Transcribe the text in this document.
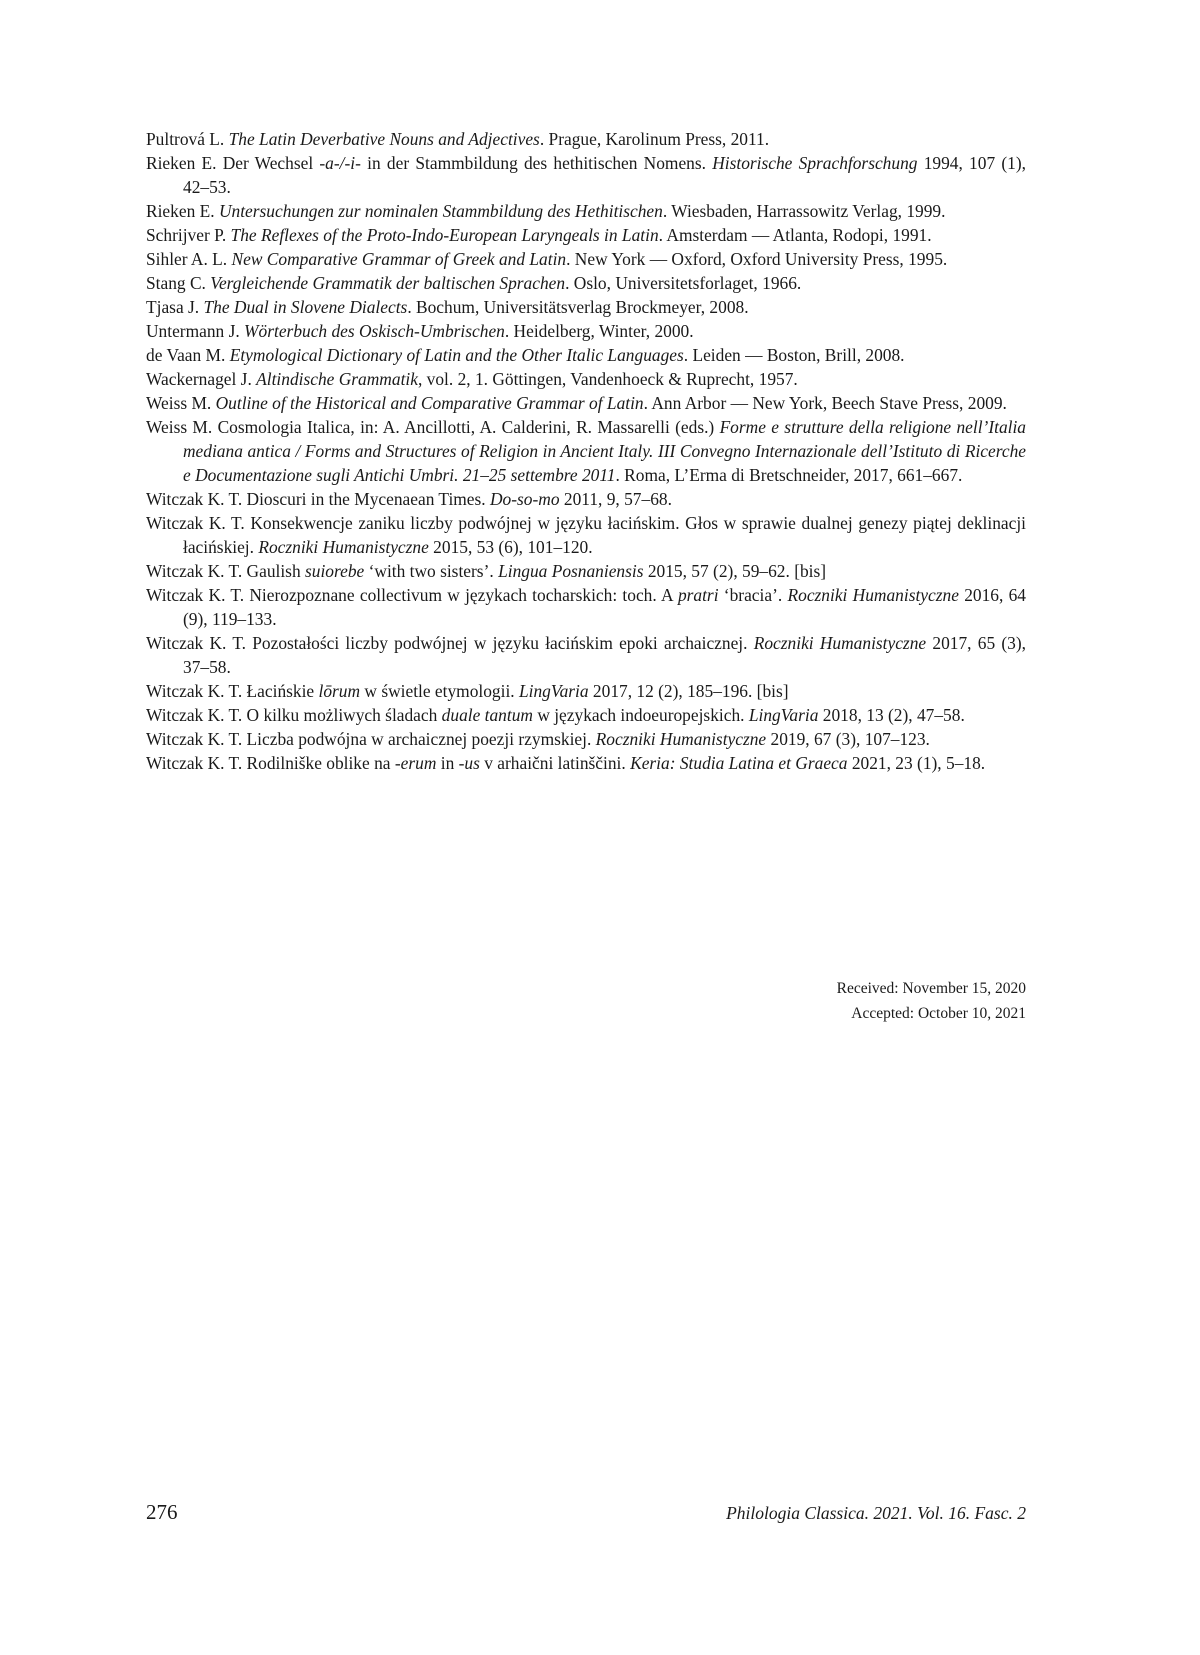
Pultrová L. The Latin Deverbative Nouns and Adjectives. Prague, Karolinum Press, 2011.

Rieken E. Der Wechsel -a-/-i- in der Stammbildung des hethitischen Nomens. Historische Sprachforschung 1994, 107 (1), 42–53.

Rieken E. Untersuchungen zur nominalen Stammbildung des Hethitischen. Wiesbaden, Harrassowitz Verlag, 1999.

Schrijver P. The Reflexes of the Proto-Indo-European Laryngeals in Latin. Amsterdam — Atlanta, Rodopi, 1991.

Sihler A. L. New Comparative Grammar of Greek and Latin. New York — Oxford, Oxford University Press, 1995.

Stang C. Vergleichende Grammatik der baltischen Sprachen. Oslo, Universitetsforlaget, 1966.

Tjasa J. The Dual in Slovene Dialects. Bochum, Universitätsverlag Brockmeyer, 2008.

Untermann J. Wörterbuch des Oskisch-Umbrischen. Heidelberg, Winter, 2000.

de Vaan M. Etymological Dictionary of Latin and the Other Italic Languages. Leiden — Boston, Brill, 2008.

Wackernagel J. Altindische Grammatik, vol. 2, 1. Göttingen, Vandenhoeck & Ruprecht, 1957.

Weiss M. Outline of the Historical and Comparative Grammar of Latin. Ann Arbor — New York, Beech Stave Press, 2009.

Weiss M. Cosmologia Italica, in: A. Ancillotti, A. Calderini, R. Massarelli (eds.) Forme e strutture della religione nell’Italia mediana antica / Forms and Structures of Religion in Ancient Italy. III Convegno Internazionale dell’Istituto di Ricerche e Documentazione sugli Antichi Umbri. 21–25 settembre 2011. Roma, L’Erma di Bretschneider, 2017, 661–667.

Witczak K. T. Dioscuri in the Mycenaean Times. Do-so-mo 2011, 9, 57–68.

Witczak K. T. Konsekwencje zaniku liczby podwójnej w języku łacińskim. Głos w sprawie dualnej genezy piątej deklinacji łacińskiej. Roczniki Humanistyczne 2015, 53 (6), 101–120.

Witczak K. T. Gaulish suiorebe ‘with two sisters’. Lingua Posnaniensis 2015, 57 (2), 59–62. [bis]

Witczak K. T. Nierozpoznane collectivum w językach tocharskich: toch. A pratri ‘bracia’. Roczniki Humanistyczne 2016, 64 (9), 119–133.

Witczak K. T. Pozostałości liczby podwójnej w języku łacińskim epoki archaicznej. Roczniki Humanistyczne 2017, 65 (3), 37–58.

Witczak K. T. Łacińskie lōrum w świetle etymologii. LingVaria 2017, 12 (2), 185–196. [bis]

Witczak K. T. O kilku możliwych śladach duale tantum w językach indoeuropejskich. LingVaria 2018, 13 (2), 47–58.

Witczak K. T. Liczba podwójna w archaicznej poezji rzymskiej. Roczniki Humanistyczne 2019, 67 (3), 107–123.

Witczak K. T. Rodilniške oblike na -erum in -us v arhaični latinščini. Keria: Studia Latina et Graeca 2021, 23 (1), 5–18.

Received: November 15, 2020
Accepted: October 10, 2021
276	Philologia Classica. 2021. Vol. 16. Fasc. 2
